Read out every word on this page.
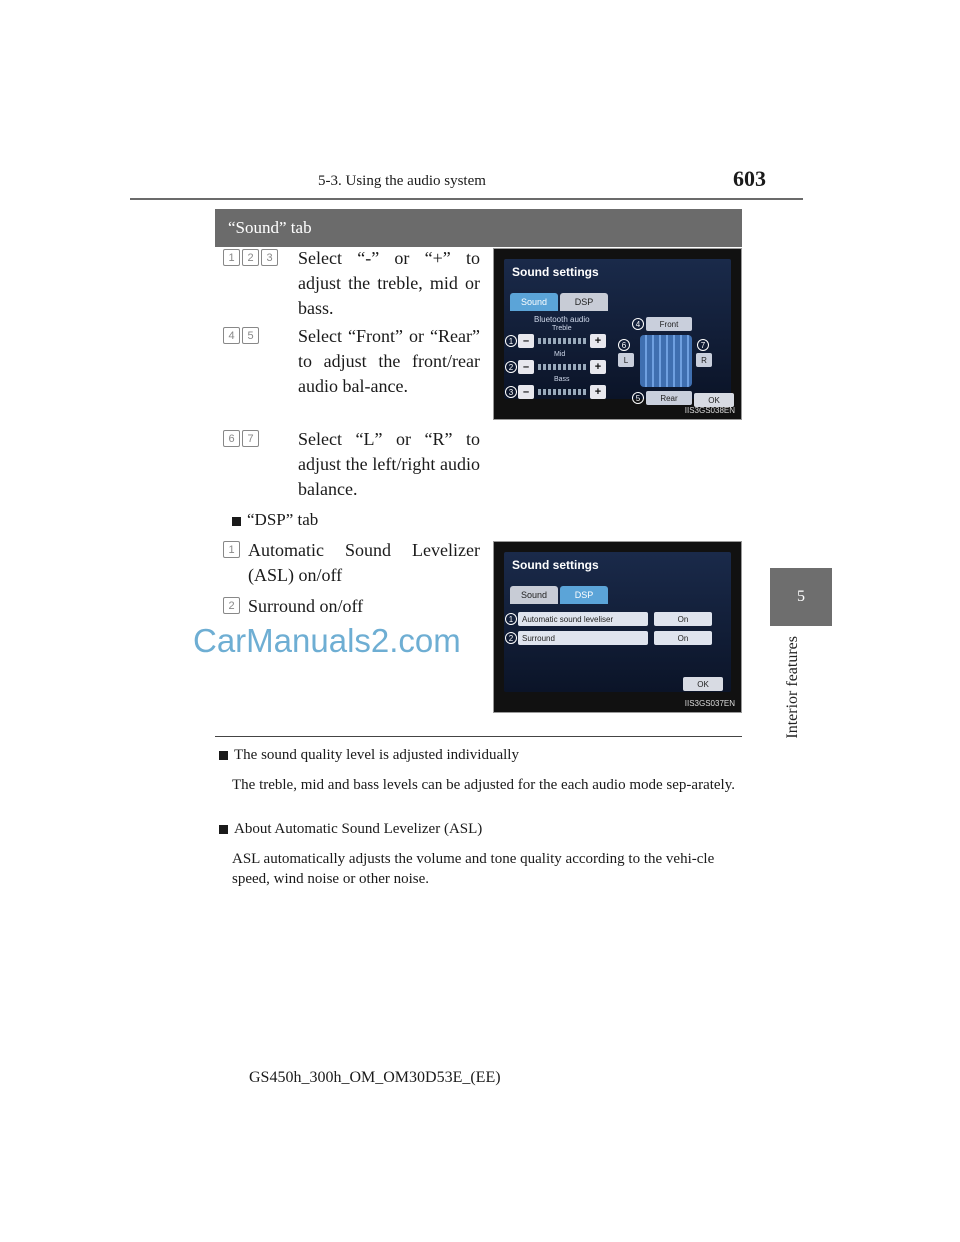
5-3. Using the audio system	603
5
Interior features
“Sound” tab
1	2	3	Select “-” or “+” to adjust the treble, mid or bass.
4	5	Select “Front” or “Rear” to adjust the front/rear audio bal-ance.
6	7	Select “L” or “R” to adjust the left/right audio balance.
Sound settings
Sound	DSP
Bluetooth audio
Treble
–	+
Mid
–	+
Bass
–	+
Front
L	R
Rear	OK
1
2
3
4
5
6	7
IIS3GS038EN
“DSP” tab
1 Automatic Sound Levelizer (ASL) on/off
2 Surround on/off
Sound settings
Sound	DSP
Automatic sound leveliser	On
Surround	On
1
2
OK
IIS3GS037EN
CarManuals2.com
The sound quality level is adjusted individually
The treble, mid and bass levels can be adjusted for the each audio mode sep-arately.
About Automatic Sound Levelizer (ASL)
ASL automatically adjusts the volume and tone quality according to the vehi-cle speed, wind noise or other noise.
GS450h_300h_OM_OM30D53E_(EE)
